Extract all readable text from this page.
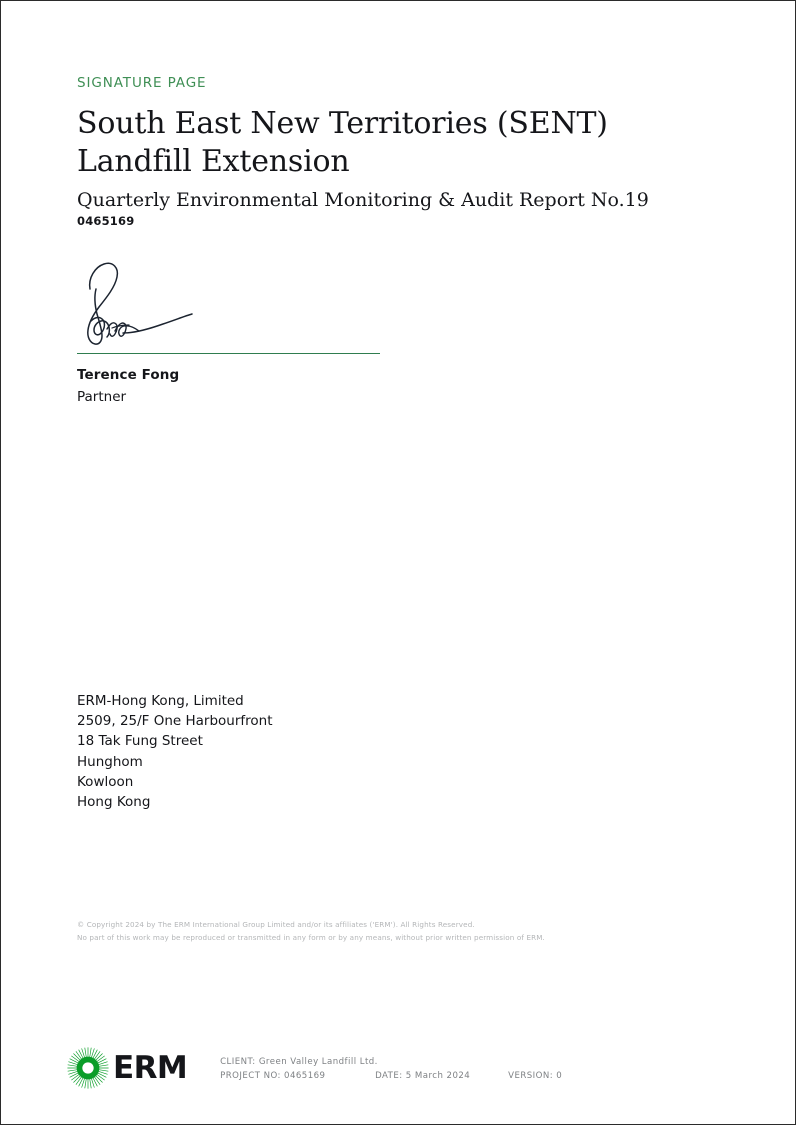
SIGNATURE PAGE
South East New Territories (SENT) Landfill Extension
Quarterly Environmental Monitoring & Audit Report No.19
0465169
Terence Fong
Partner
ERM-Hong Kong, Limited
2509, 25/F One Harbourfront
18 Tak Fung Street
Hunghom
Kowloon
Hong Kong
© Copyright 2024 by The ERM International Group Limited and/or its affiliates ('ERM'). All Rights Reserved.
No part of this work may be reproduced or transmitted in any form or by any means, without prior written permission of ERM.
ERM	CLIENT: Green Valley Landfill Ltd.
PROJECT NO: 0465169	DATE: 5 March 2024	VERSION: 0
